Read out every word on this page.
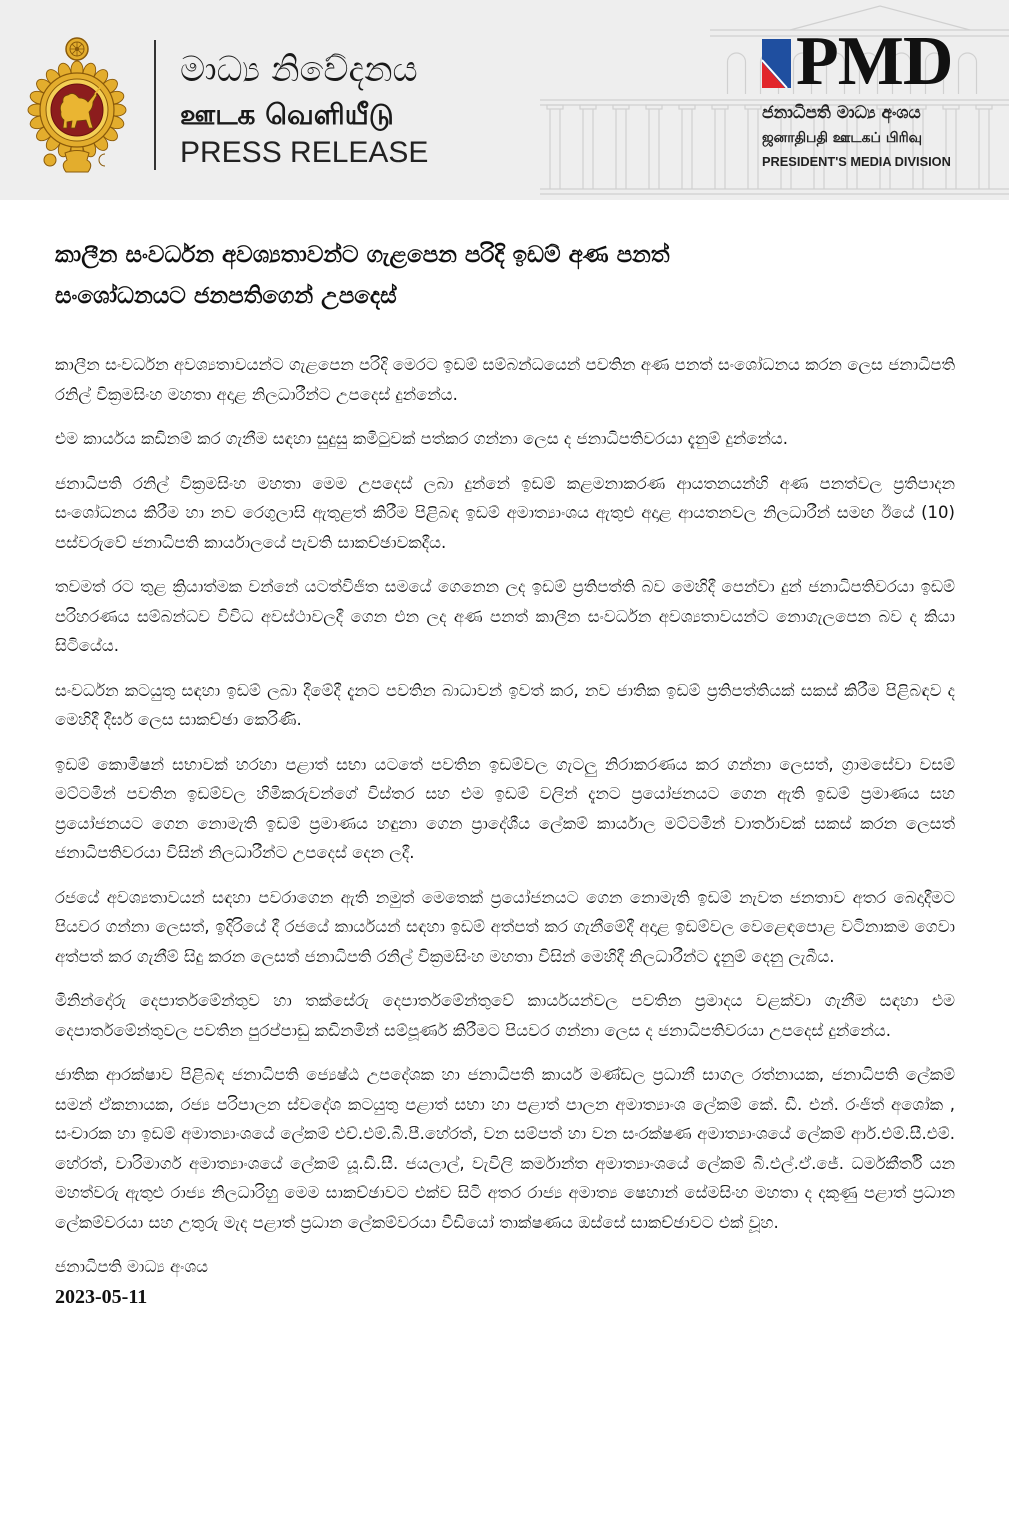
මාධ්‍ය නිවේදනය
ஊடக வெளியீடு
PRESS RELEASE
PMD
ජනාධිපති මාධ්‍ය අංශය
ஜனாதிபதி ஊடகப் பிரிவு
PRESIDENT'S MEDIA DIVISION
කාලීන සංවර්ධන අවශ්‍යතාවන්ට ගැළපෙන පරිදි ඉඩම් අණ පනත්
සංශෝධනයට ජනපතිගෙන් උපදෙස්

කාලීන සංවර්ධන අවශ්‍යතාවයන්ට ගැළපෙන පරිදි මෙරට ඉඩම් සම්බන්ධයෙන් පවතින අණ පනත් සංශෝධනය කරන ලෙස ජනාධිපති රනිල් වික්‍රමසිංහ මහතා අදාළ නිලධාරීන්ට උපදෙස් දුන්නේය.

එම කාර්යය කඩිනම් කර ගැනීම සඳහා සුදුසු කමිටුවක් පත්කර ගන්නා ලෙස ද ජනාධිපතිවරයා දැනුම් දුන්නේය.

ජනාධිපති රනිල් වික්‍රමසිංහ මහතා මෙම උපදෙස් ලබා දුන්නේ ඉඩම් කළමනාකරණ ආයතනයන්හි අණ පනත්වල ප්‍රතිපාදන සංශෝධනය කිරීම හා නව රෙගුලාසි ඇතුළත් කිරීම පිළිබඳ ඉඩම් අමාත්‍යාංශය ඇතුළු අදාළ ආයතනවල නිලධාරීන් සමඟ ඊයේ (10) පස්වරුවේ ජනාධිපති කාර්යාලයේ පැවති සාකච්ඡාවකදීය.

තවමත් රට තුළ ක්‍රියාත්මක වන්නේ යටත්විජිත සමයේ ගෙනෙන ලද ඉඩම් ප්‍රතිපත්ති බව මෙහිදී පෙන්වා දුන් ජනාධිපතිවරයා ඉඩම් පරිහරණය සම්බන්ධව විවිධ අවස්ථාවලදී ගෙන එන ලද අණ පනත් කාලීන සංවර්ධන අවශ්‍යතාවයන්ට නොගැලපෙන බව ද කියා සිටියේය.

සංවර්ධන කටයුතු සඳහා ඉඩම් ලබා දීමේදී දැනට පවතින බාධාවන් ඉවත් කර, නව ජාතික ඉඩම් ප්‍රතිපත්තියක් සකස් කිරීම පිළිබඳව ද මෙහිදී දීර්ඝ ලෙස සාකච්ඡා කෙරිණි.

ඉඩම් කොමිෂන් සභාවක් හරහා පළාත් සභා යටතේ පවතින ඉඩම්වල ගැටලු නිරාකරණය කර ගන්නා ලෙසත්, ග්‍රාමසේවා වසම් මට්ටමින් පවතින ඉඩම්වල හිමිකරුවන්ගේ විස්තර සහ එම ඉඩම් වලින් දැනට ප්‍රයෝජනයට ගෙන ඇති ඉඩම් ප්‍රමාණය සහ ප්‍රයෝජනයට ගෙන නොමැති ඉඩම් ප්‍රමාණය හඳුනා ගෙන ප්‍රාදේශීය ලේකම් කාර්යාල මට්ටමින් වාර්තාවක් සකස් කරන ලෙසත් ජනාධිපතිවරයා විසින් නිලධාරීන්ට උපදෙස් දෙන ලදී.

රජයේ අවශ්‍යතාවයන් සඳහා පවරාගෙන ඇති නමුත් මෙතෙක් ප්‍රයෝජනයට ගෙන නොමැති ඉඩම් නැවත ජනතාව අතර බෙදාදීමට පියවර ගන්නා ලෙසත්, ඉදිරියේ දී රජයේ කාර්යයන් සඳහා ඉඩම් අත්පත් කර ගැනීමේදී අදාළ ඉඩම්වල වෙළෙඳපොළ වටිනාකම ගෙවා අත්පත් කර ගැනීම් සිදු කරන ලෙසත් ජනාධිපති රනිල් වික්‍රමසිංහ මහතා විසින් මෙහිදී නිලධාරීන්ට දැනුම් දෙනු ලැබීය.

මිනින්දෝරු දෙපාර්තමේන්තුව හා තක්සේරු දෙපාර්තමේන්තුවේ කාර්යයන්වල පවතින ප්‍රමාදය වළක්වා ගැනීම සඳහා එම දෙපාර්තමේන්තුවල පවතින පුරප්පාඩු කඩිනමින් සම්පූර්ණ කිරීමට පියවර ගන්නා ලෙස ද ජනාධිපතිවරයා උපදෙස් දුන්නේය.

ජාතික ආරක්ෂාව පිළිබඳ ජනාධිපති ජ්‍යෙෂ්ඨ උපදේශක හා ජනාධිපති කාර්ය මණ්ඩල ප්‍රධානී සාගල රත්නායක, ජනාධිපති ලේකම් සමන් ඒකනායක, රජ්‍ය පරිපාලන ස්වදේශ කටයුතු පළාත් සභා හා පළාත් පාලන අමාත්‍යාංශ ලේකම් කේ. ඩී. එන්. රංජිත් අශෝක , සංචාරක හා ඉඩම් අමාත්‍යාංශයේ ලේකම් එච්.එම්.බී.පී.හේරත්, වන සම්පත් හා වන සංරක්ෂණ අමාත්‍යාංශයේ ලේකම් ආර්.එම්.සී.එම්. හේරත්, වාරිමාර්ග අමාත්‍යාංශයේ ලේකම් යූ.ඩී.සී. ජයලාල්, වැවිලි කර්මාන්ත අමාත්‍යාංශයේ ලේකම් බී.එල්.ඒ.ජේ. ධර්මකීර්ති යන මහත්වරු ඇතුළු රාජ්‍ය නිලධාරිහු මෙම සාකච්ඡාවට එක්ව සිටි අතර රාජ්‍ය අමාත්‍ය ෂෙහාන් සේමසිංහ මහතා ද දකුණු පළාත් ප්‍රධාන ලේකම්වරයා සහ උතුරු මැද පළාත් ප්‍රධාන ලේකම්වරයා වීඩියෝ තාක්ෂණය ඔස්සේ සාකච්ඡාවට එක් වූහ.

ජනාධිපති මාධ්‍ය අංශය
2023-05-11
